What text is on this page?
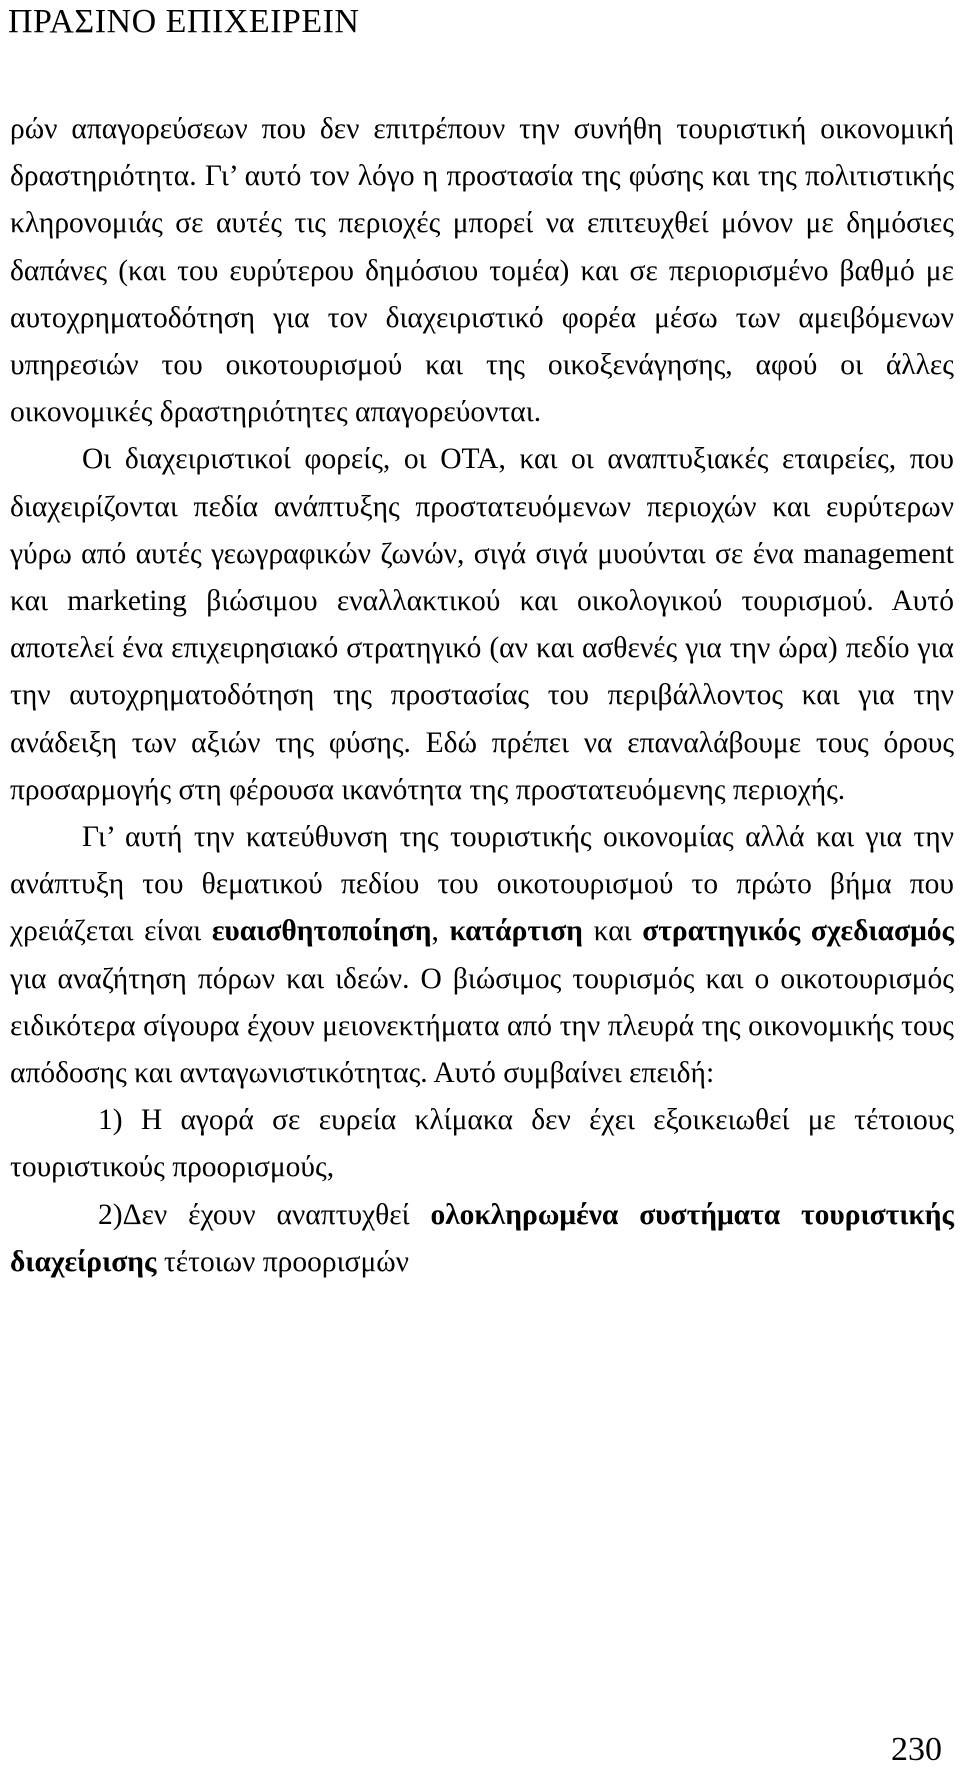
ΠΡΑΣΙΝΟ ΕΠΙΧΕΙΡΕΙΝ

ρών απαγορεύσεων που δεν επιτρέπουν την συνήθη τουριστική οικονομική δραστηριότητα. Γι’ αυτό τον λόγο η προστασία της φύσης και της πολιτιστικής κληρονομιάς σε αυτές τις περιοχές μπορεί να επιτευχθεί μόνον με δημόσιες δαπάνες (και του ευρύτερου δημόσιου τομέα) και σε περιορισμένο βαθμό με αυτοχρηματοδότηση για τον διαχειριστικό φορέα μέσω των αμειβόμενων υπηρεσιών του οικοτουρισμού και της οικοξενάγησης, αφού οι άλλες οικονομικές δραστηριότητες απαγορεύονται.

Οι διαχειριστικοί φορείς, οι ΟΤΑ, και οι αναπτυξιακές εταιρείες, που διαχειρίζονται πεδία ανάπτυξης προστατευόμενων περιοχών και ευρύτερων γύρω από αυτές γεωγραφικών ζωνών, σιγά σιγά μυούνται σε ένα management και marketing βιώσιμου εναλλακτικού και οικολογικού τουρισμού. Αυτό αποτελεί ένα επιχειρησιακό στρατηγικό (αν και ασθενές για την ώρα) πεδίο για την αυτοχρηματοδότηση της προστασίας του περιβάλλοντος και για την ανάδειξη των αξιών της φύσης. Εδώ πρέπει να επαναλάβουμε τους όρους προσαρμογής στη φέρουσα ικανότητα της προστατευόμενης περιοχής.

Γι’ αυτή την κατεύθυνση της τουριστικής οικονομίας αλλά και για την ανάπτυξη του θεματικού πεδίου του οικοτουρισμού το πρώτο βήμα που χρειάζεται είναι ευαισθητοποίηση, κατάρτιση και στρατηγικός σχεδιασμός για αναζήτηση πόρων και ιδεών. Ο βιώσιμος τουρισμός και ο οικοτουρισμός ειδικότερα σίγουρα έχουν μειονεκτήματα από την πλευρά της οικονομικής τους απόδοσης και ανταγωνιστικότητας. Αυτό συμβαίνει επειδή:

1) Η αγορά σε ευρεία κλίμακα δεν έχει εξοικειωθεί με τέτοιους τουριστικούς προορισμούς,

2)Δεν έχουν αναπτυχθεί ολοκληρωμένα συστήματα τουριστικής διαχείρισης τέτοιων προορισμών

230
